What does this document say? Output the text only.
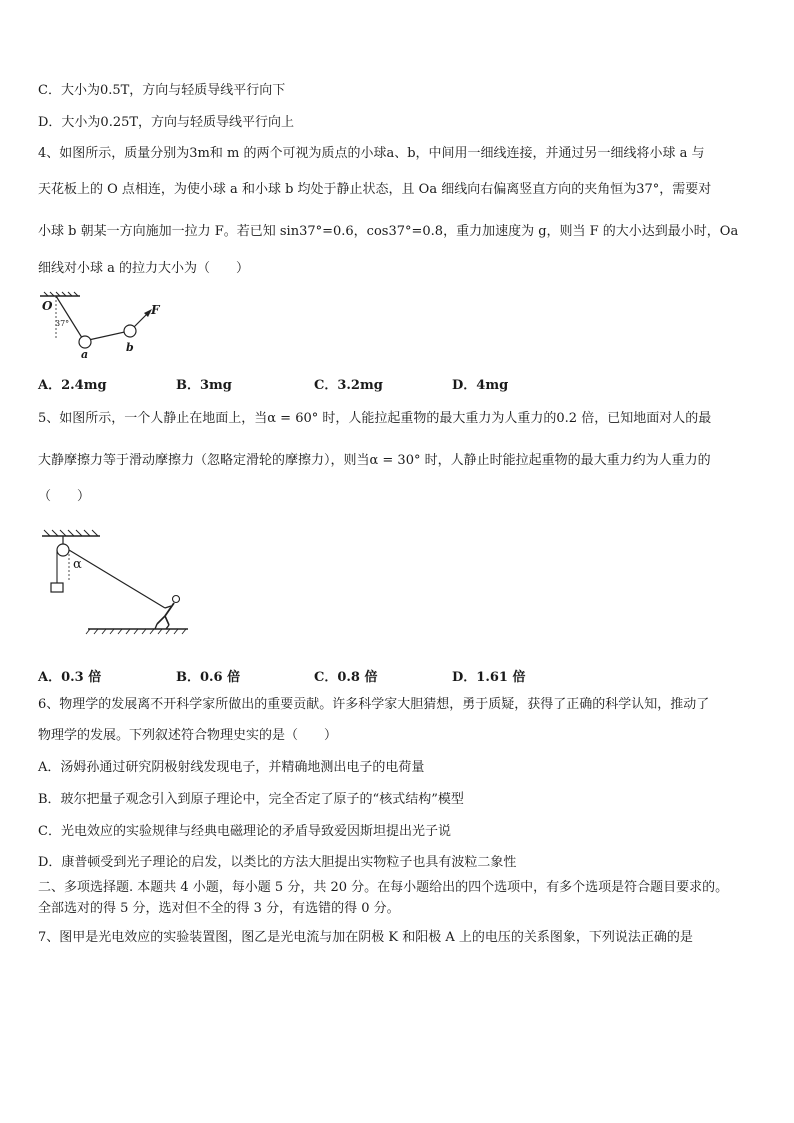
C．大小为0.5T，方向与轻质导线平行向下
D．大小为0.25T，方向与轻质导线平行向上
4、如图所示，质量分别为3m和 m 的两个可视为质点的小球a、b，中间用一细线连接，并通过另一细线将小球 a 与
天花板上的 O 点相连，为使小球 a 和小球 b 均处于静止状态，且 Oa 细线向右偏离竖直方向的夹角恒为37°，需要对
小球 b 朝某一方向施加一拉力 F。若已知 sin37°=0.6，cos37°=0.8，重力加速度为 g，则当 F 的大小达到最小时，Oa
细线对小球 a 的拉力大小为（　　）
O
37°
a
b
F
A．2.4mg	B．3mg	C．3.2mg	D．4mg
5、如图所示，一个人静止在地面上，当α = 60° 时，人能拉起重物的最大重力为人重力的0.2 倍，已知地面对人的最
大静摩擦力等于滑动摩擦力（忽略定滑轮的摩擦力），则当α = 30° 时，人静止时能拉起重物的最大重力约为人重力的
（　　）
α
A．0.3 倍	B．0.6 倍	C．0.8 倍	D．1.61 倍
6、物理学的发展离不开科学家所做出的重要贡献。许多科学家大胆猜想，勇于质疑，获得了正确的科学认知，推动了
物理学的发展。下列叙述符合物理史实的是（　　）
A．汤姆孙通过研究阴极射线发现电子，并精确地测出电子的电荷量
B．玻尔把量子观念引入到原子理论中，完全否定了原子的“核式结构”模型
C．光电效应的实验规律与经典电磁理论的矛盾导致爱因斯坦提出光子说
D．康普顿受到光子理论的启发，以类比的方法大胆提出实物粒子也具有波粒二象性
二、多项选择题. 本题共 4 小题，每小题 5 分，共 20 分。在每小题给出的四个选项中，有多个选项是符合题目要求的。
全部选对的得 5 分，选对但不全的得 3 分，有选错的得 0 分。
7、图甲是光电效应的实验装置图，图乙是光电流与加在阴极 K 和阳极 A 上的电压的关系图象，下列说法正确的是
